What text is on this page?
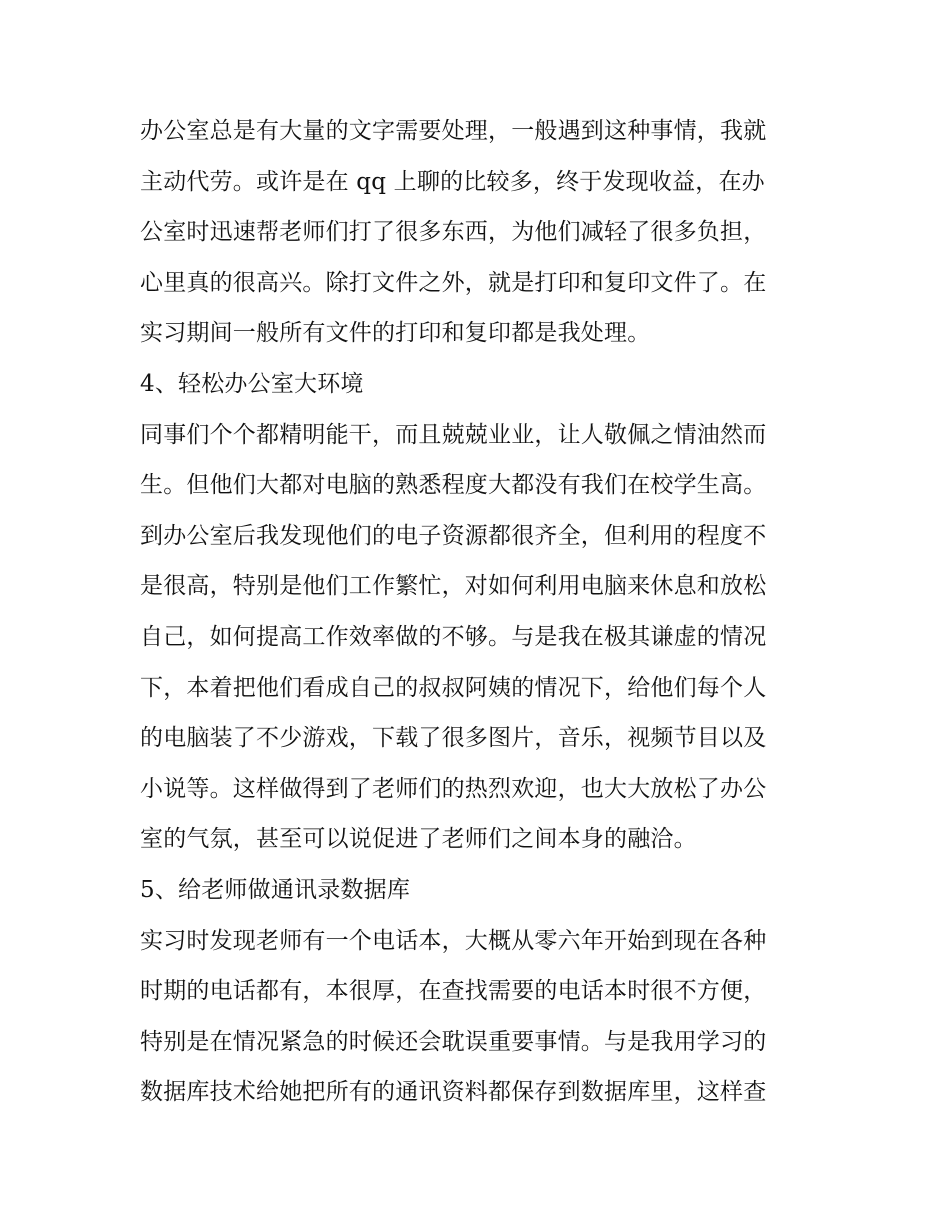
办公室总是有大量的文字需要处理，一般遇到这种事情，我就
主动代劳。或许是在 qq 上聊的比较多，终于发现收益，在办
公室时迅速帮老师们打了很多东西，为他们减轻了很多负担，
心里真的很高兴。除打文件之外，就是打印和复印文件了。在
实习期间一般所有文件的打印和复印都是我处理。
4、轻松办公室大环境
同事们个个都精明能干，而且兢兢业业，让人敬佩之情油然而
生。但他们大都对电脑的熟悉程度大都没有我们在校学生高。
到办公室后我发现他们的电子资源都很齐全，但利用的程度不
是很高，特别是他们工作繁忙，对如何利用电脑来休息和放松
自己，如何提高工作效率做的不够。与是我在极其谦虚的情况
下，本着把他们看成自己的叔叔阿姨的情况下，给他们每个人
的电脑装了不少游戏，下载了很多图片，音乐，视频节目以及
小说等。这样做得到了老师们的热烈欢迎，也大大放松了办公
室的气氛，甚至可以说促进了老师们之间本身的融洽。
5、给老师做通讯录数据库
实习时发现老师有一个电话本，大概从零六年开始到现在各种
时期的电话都有，本很厚，在查找需要的电话本时很不方便，
特别是在情况紧急的时候还会耽误重要事情。与是我用学习的
数据库技术给她把所有的通讯资料都保存到数据库里，这样查
